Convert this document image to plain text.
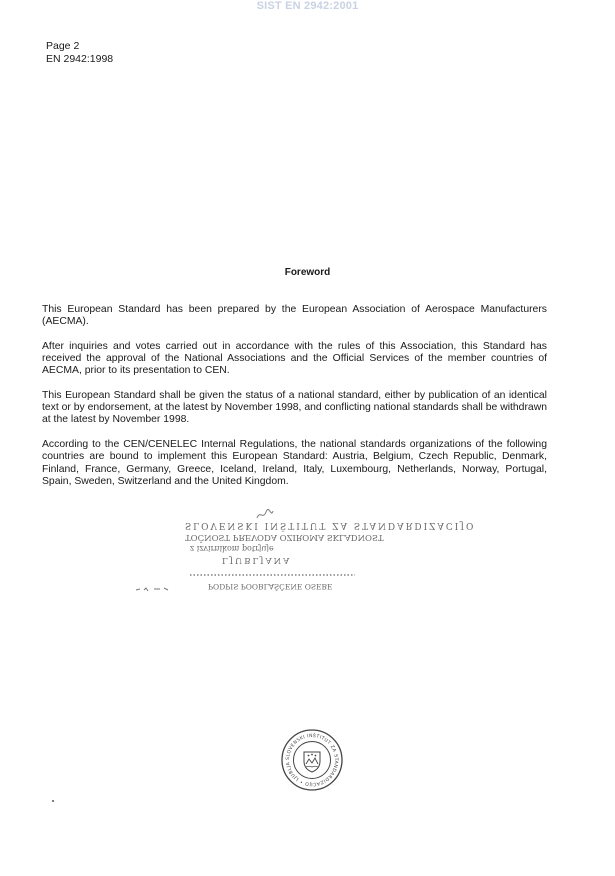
SIST EN 2942:2001
Page 2
EN 2942:1998
Foreword

This European Standard has been prepared by the European Association of Aerospace Manufacturers (AECMA).

After inquiries and votes carried out in accordance with the rules of this Association, this Standard has received the approval of the National Associations and the Official Services of the member countries of AECMA, prior to its presentation to CEN.

This European Standard shall be given the status of a national standard, either by publication of an identical text or by endorsement, at the latest by November 1998, and conflicting national standards shall be withdrawn at the latest by November 1998.

According to the CEN/CENELEC Internal Regulations, the national standards organizations of the following countries are bound to implement this European Standard: Austria, Belgium, Czech Republic, Denmark, Finland, France, Germany, Greece, Iceland, Ireland, Italy, Luxembourg, Netherlands, Norway, Portugal, Spain, Sweden, Switzerland and the United Kingdom.

SLOVENSKI INŠTITUT ZA STANDARDIZACIJO
TOČNOST PREVODA OZIROMA SKLADNOST
z izvirnikom potrjuje
LJUBLJANA
PODPIS POOBLAŠČENE OSEBE
SLOVENSKI INŠTITUT ZA STANDARDIZACIJO • LJUBLJA
